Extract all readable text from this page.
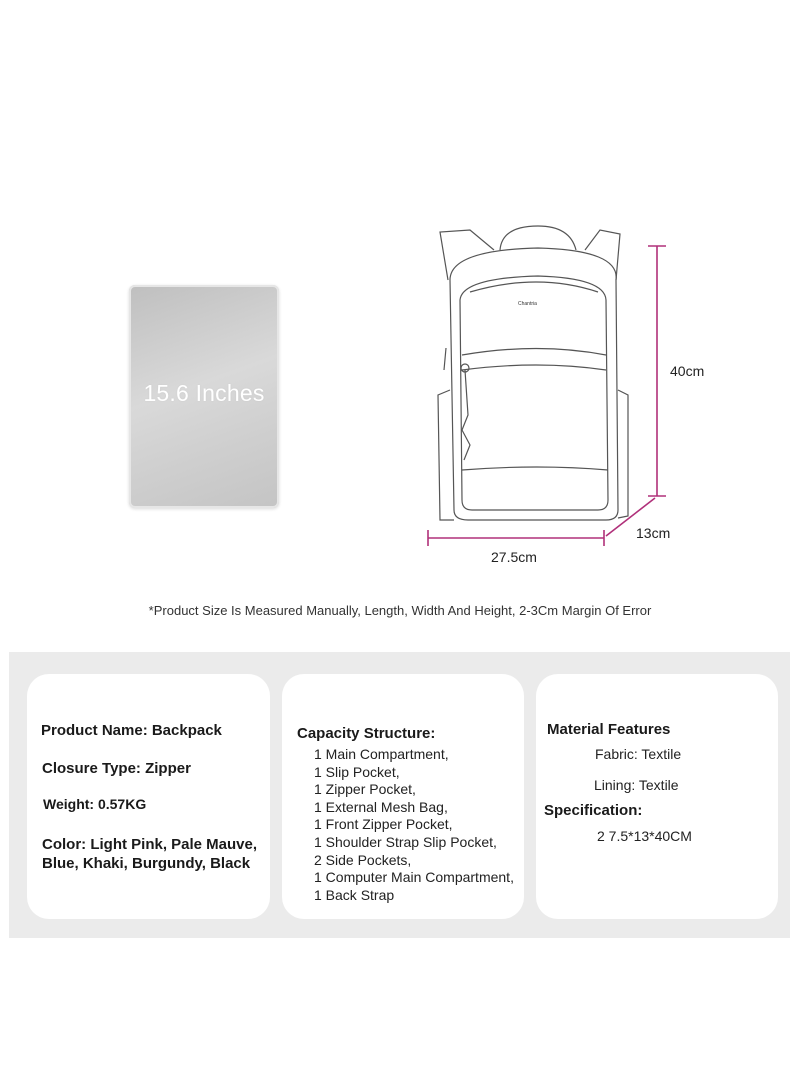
15.6 Inches
Chantria
40cm
13cm
27.5cm
*Product Size Is Measured Manually, Length, Width And Height, 2-3Cm Margin Of Error
Product Name: Backpack
Closure Type: Zipper
Weight: 0.57KG
Color: Light Pink, Pale Mauve,
Blue, Khaki, Burgundy, Black
Capacity Structure:
1 Main Compartment,
1 Slip Pocket,
1 Zipper Pocket,
1 External Mesh Bag,
1 Front Zipper Pocket,
1 Shoulder Strap Slip Pocket,
2 Side Pockets,
1 Computer Main Compartment,
1 Back Strap
Material Features
Fabric: Textile
Lining: Textile
Specification:
2 7.5*13*40CM
